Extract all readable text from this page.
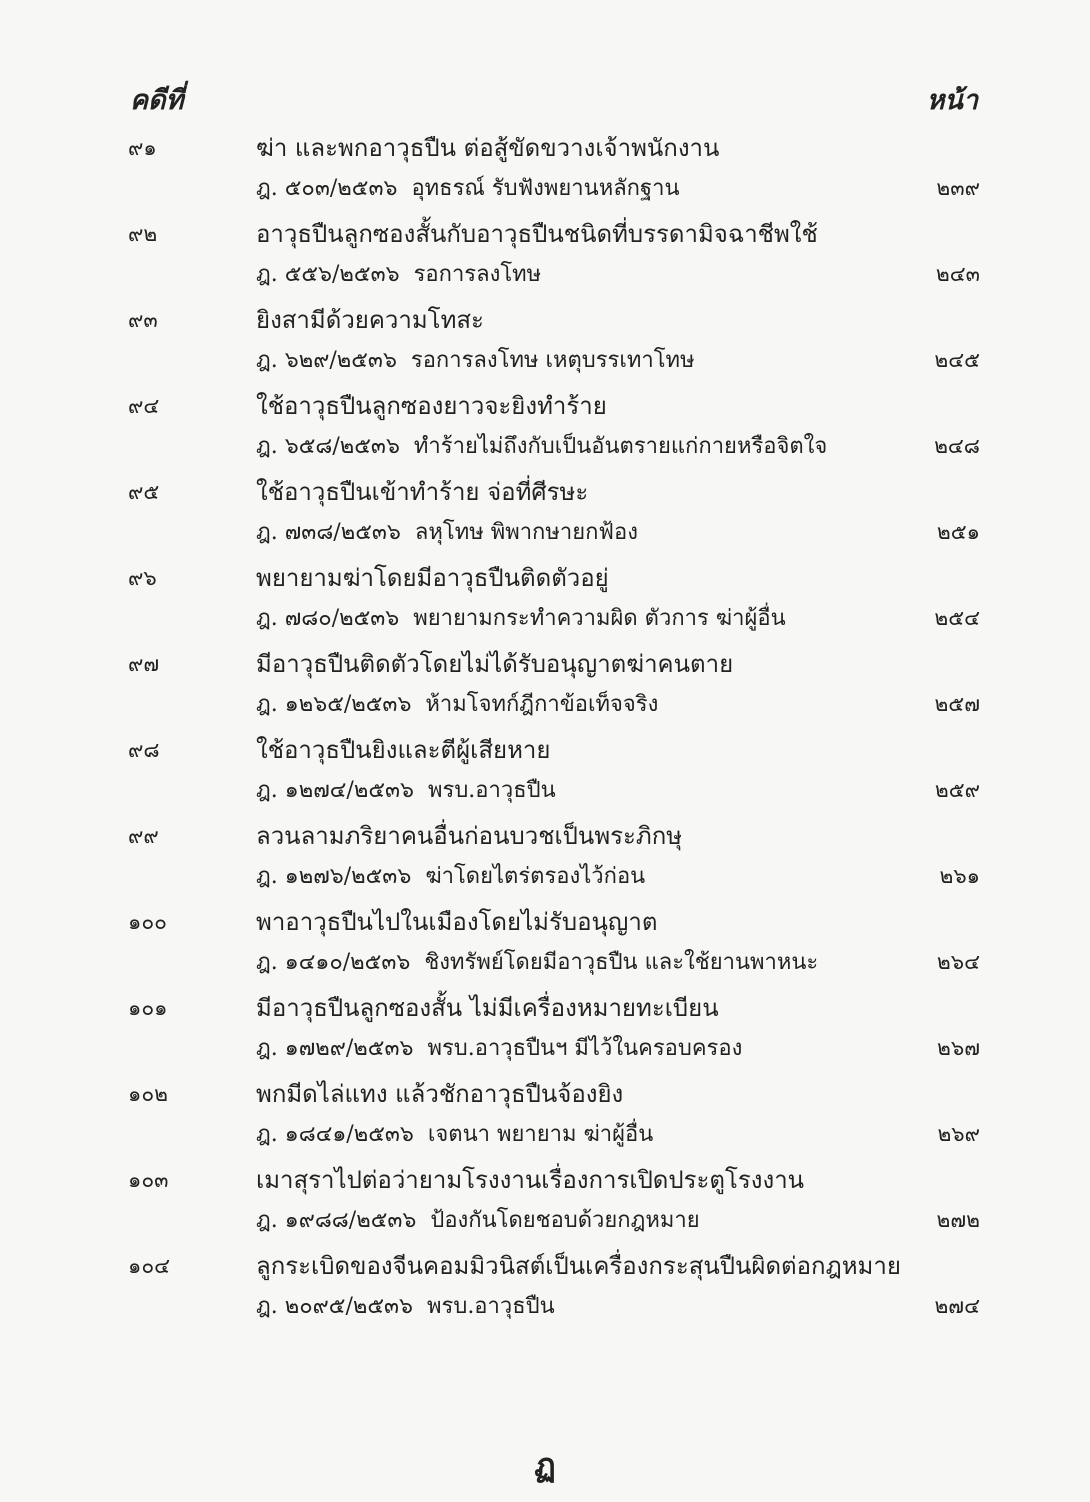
คดีที่	หน้า
๙๑	ฆ่า และพกอาวุธปืน ต่อสู้ขัดขวางเจ้าพนักงาน
ฎ. ๕๐๓/๒๕๓๖ อุทธรณ์ รับฟังพยานหลักฐาน	๒๓๙
๙๒	อาวุธปืนลูกซองสั้นกับอาวุธปืนชนิดที่บรรดามิจฉาชีพใช้
ฎ. ๕๕๖/๒๕๓๖ รอการลงโทษ	๒๔๓
๙๓	ยิงสามีด้วยความโทสะ
ฎ. ๖๒๙/๒๕๓๖ รอการลงโทษ เหตุบรรเทาโทษ	๒๔๕
๙๔	ใช้อาวุธปืนลูกซองยาวจะยิงทำร้าย
ฎ. ๖๕๘/๒๕๓๖ ทำร้ายไม่ถึงกับเป็นอันตรายแก่กายหรือจิตใจ	๒๔๘
๙๕	ใช้อาวุธปืนเข้าทำร้าย จ่อที่ศีรษะ
ฎ. ๗๓๘/๒๕๓๖ ลหุโทษ พิพากษายกฟ้อง	๒๕๑
๙๖	พยายามฆ่าโดยมีอาวุธปืนติดตัวอยู่
ฎ. ๗๘๐/๒๕๓๖ พยายามกระทำความผิด ตัวการ ฆ่าผู้อื่น	๒๕๔
๙๗	มีอาวุธปืนติดตัวโดยไม่ได้รับอนุญาตฆ่าคนตาย
ฎ. ๑๒๖๕/๒๕๓๖ ห้ามโจทก์ฎีกาข้อเท็จจริง	๒๕๗
๙๘	ใช้อาวุธปืนยิงและตีผู้เสียหาย
ฎ. ๑๒๗๔/๒๕๓๖ พรบ.อาวุธปืน	๒๕๙
๙๙	ลวนลามภริยาคนอื่นก่อนบวชเป็นพระภิกษุ
ฎ. ๑๒๗๖/๒๕๓๖ ฆ่าโดยไตร่ตรองไว้ก่อน	๒๖๑
๑๐๐	พาอาวุธปืนไปในเมืองโดยไม่รับอนุญาต
ฎ. ๑๔๑๐/๒๕๓๖ ชิงทรัพย์โดยมีอาวุธปืน และใช้ยานพาหนะ	๒๖๔
๑๐๑	มีอาวุธปืนลูกซองสั้น ไม่มีเครื่องหมายทะเบียน
ฎ. ๑๗๒๙/๒๕๓๖ พรบ.อาวุธปืนฯ มีไว้ในครอบครอง	๒๖๗
๑๐๒	พกมีดไล่แทง แล้วชักอาวุธปืนจ้องยิง
ฎ. ๑๘๔๑/๒๕๓๖ เจตนา พยายาม ฆ่าผู้อื่น	๒๖๙
๑๐๓	เมาสุราไปต่อว่ายามโรงงานเรื่องการเปิดประตูโรงงาน
ฎ. ๑๙๘๘/๒๕๓๖ ป้องกันโดยชอบด้วยกฎหมาย	๒๗๒
๑๐๔	ลูกระเบิดของจีนคอมมิวนิสต์เป็นเครื่องกระสุนปืนผิดต่อกฎหมาย
ฎ. ๒๐๙๕/๒๕๓๖ พรบ.อาวุธปืน	๒๗๔
ฏ
